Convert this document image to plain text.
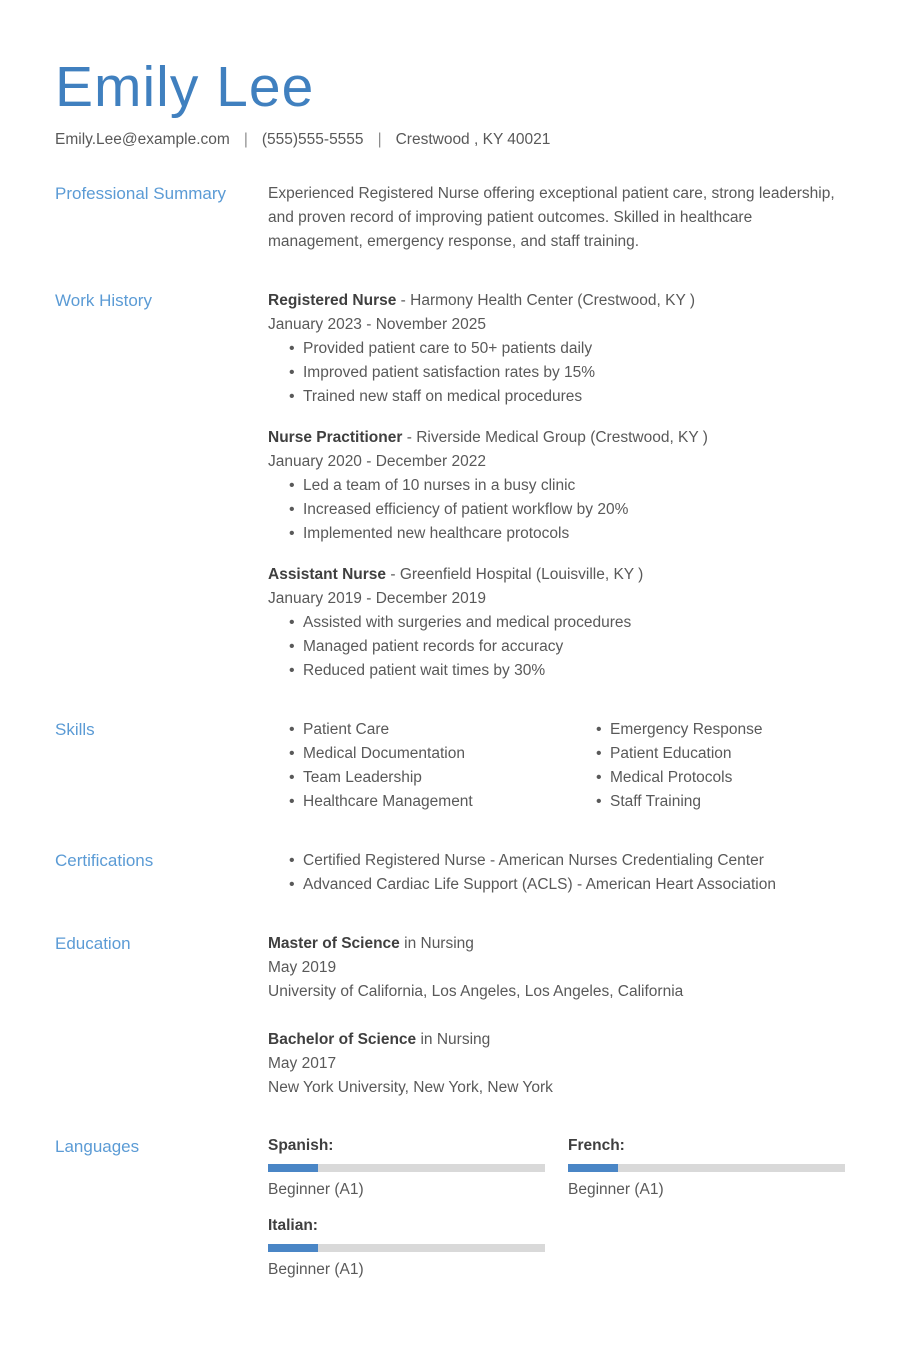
Emily Lee
Emily.Lee@example.com | (555)555-5555 | Crestwood , KY 40021
Professional Summary	Experienced Registered Nurse offering exceptional patient care, strong leadership, and proven record of improving patient outcomes. Skilled in healthcare management, emergency response, and staff training.
Work History	Registered Nurse - Harmony Health Center (Crestwood, KY )
January 2023 - November 2025
• Provided patient care to 50+ patients daily
• Improved patient satisfaction rates by 15%
• Trained new staff on medical procedures
Nurse Practitioner - Riverside Medical Group (Crestwood, KY )
January 2020 - December 2022
• Led a team of 10 nurses in a busy clinic
• Increased efficiency of patient workflow by 20%
• Implemented new healthcare protocols
Assistant Nurse - Greenfield Hospital (Louisville, KY )
January 2019 - December 2019
• Assisted with surgeries and medical procedures
• Managed patient records for accuracy
• Reduced patient wait times by 30%
Skills	• Patient Care
• Medical Documentation
• Team Leadership
• Healthcare Management
• Emergency Response
• Patient Education
• Medical Protocols
• Staff Training
Certifications	• Certified Registered Nurse - American Nurses Credentialing Center
• Advanced Cardiac Life Support (ACLS) - American Heart Association
Education	Master of Science in Nursing
May 2019
University of California, Los Angeles, Los Angeles, California
Bachelor of Science in Nursing
May 2017
New York University, New York, New York
Languages	Spanish:
Beginner (A1)
French:
Beginner (A1)
Italian:
Beginner (A1)
